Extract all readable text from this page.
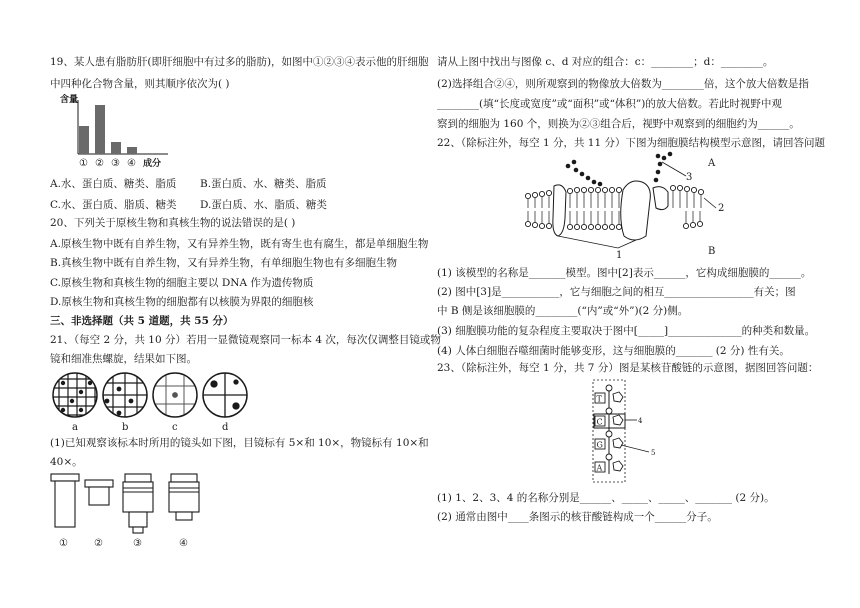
19、某人患有脂肪肝(即肝细胞中有过多的脂肪)，如图中①②③④表示他的肝细胞
中四种化合物含量，则其顺序依次为( )
含量
① ② ③ ④ 成分
A.水、蛋白质、糖类、脂质 B.蛋白质、水、糖类、脂质
C.水、蛋白质、脂质、糖类 D.蛋白质、水、脂质、糖类
20、下列关于原核生物和真核生物的说法错误的是( )
A.原核生物中既有自养生物，又有异养生物，既有寄生也有腐生，都是单细胞生物
B.真核生物中既有自养生物，又有异养生物，有单细胞生物也有多细胞生物
C.原核生物和真核生物的细胞主要以 DNA 作为遗传物质
D.原核生物和真核生物的细胞都有以核膜为界限的细胞核
三、非选择题（共 5 道题，共 55 分）
21、（每空 2 分，共 10 分）若用一显微镜观察同一标本 4 次，每次仅调整目镜或物
镜和细准焦螺旋，结果如下图。
a	b	c	d
(1)已知观察该标本时所用的镜头如下图，目镜标有 5×和 10×，物镜标有 10×和
40×。
①	②	③	④
请从上图中找出与图像 c、d 对应的组合：c：________；d：________。
(2)选择组合②④，则所观察到的物像放大倍数为________倍，这个放大倍数是指
________(填“长度或宽度”或“面积”或“体积”)的放大倍数。若此时视野中观
察到的细胞为 160 个，则换为②③组合后，视野中观察到的细胞约为______。
22、（除标注外，每空 1 分，共 11 分）下图为细胞膜结构模型示意图，请回答问题
A
3
2
1	B
(1) 该模型的名称是_______模型。图中[2]表示______，它构成细胞膜的______。
(2) 图中[3]是___________，它与细胞之间的相互_________________有关；图
中 B 侧是该细胞膜的________(“内”或“外”)(2 分)侧。
(3) 细胞膜功能的复杂程度主要取决于图中[_____]______________的种类和数量。
(4) 人体白细胞吞噬细菌时能够变形，这与细胞膜的_______ (2 分) 性有关。
23、（除标注外，每空 1 分，共 7 分）图是某核苷酸链的示意图，据图回答问题：
T
C
G
A
4
5
(1) 1、2、3、4 的名称分别是______、_____、_____、_______ (2 分)。
(2) 通常由图中____条图示的核苷酸链构成一个______分子。
